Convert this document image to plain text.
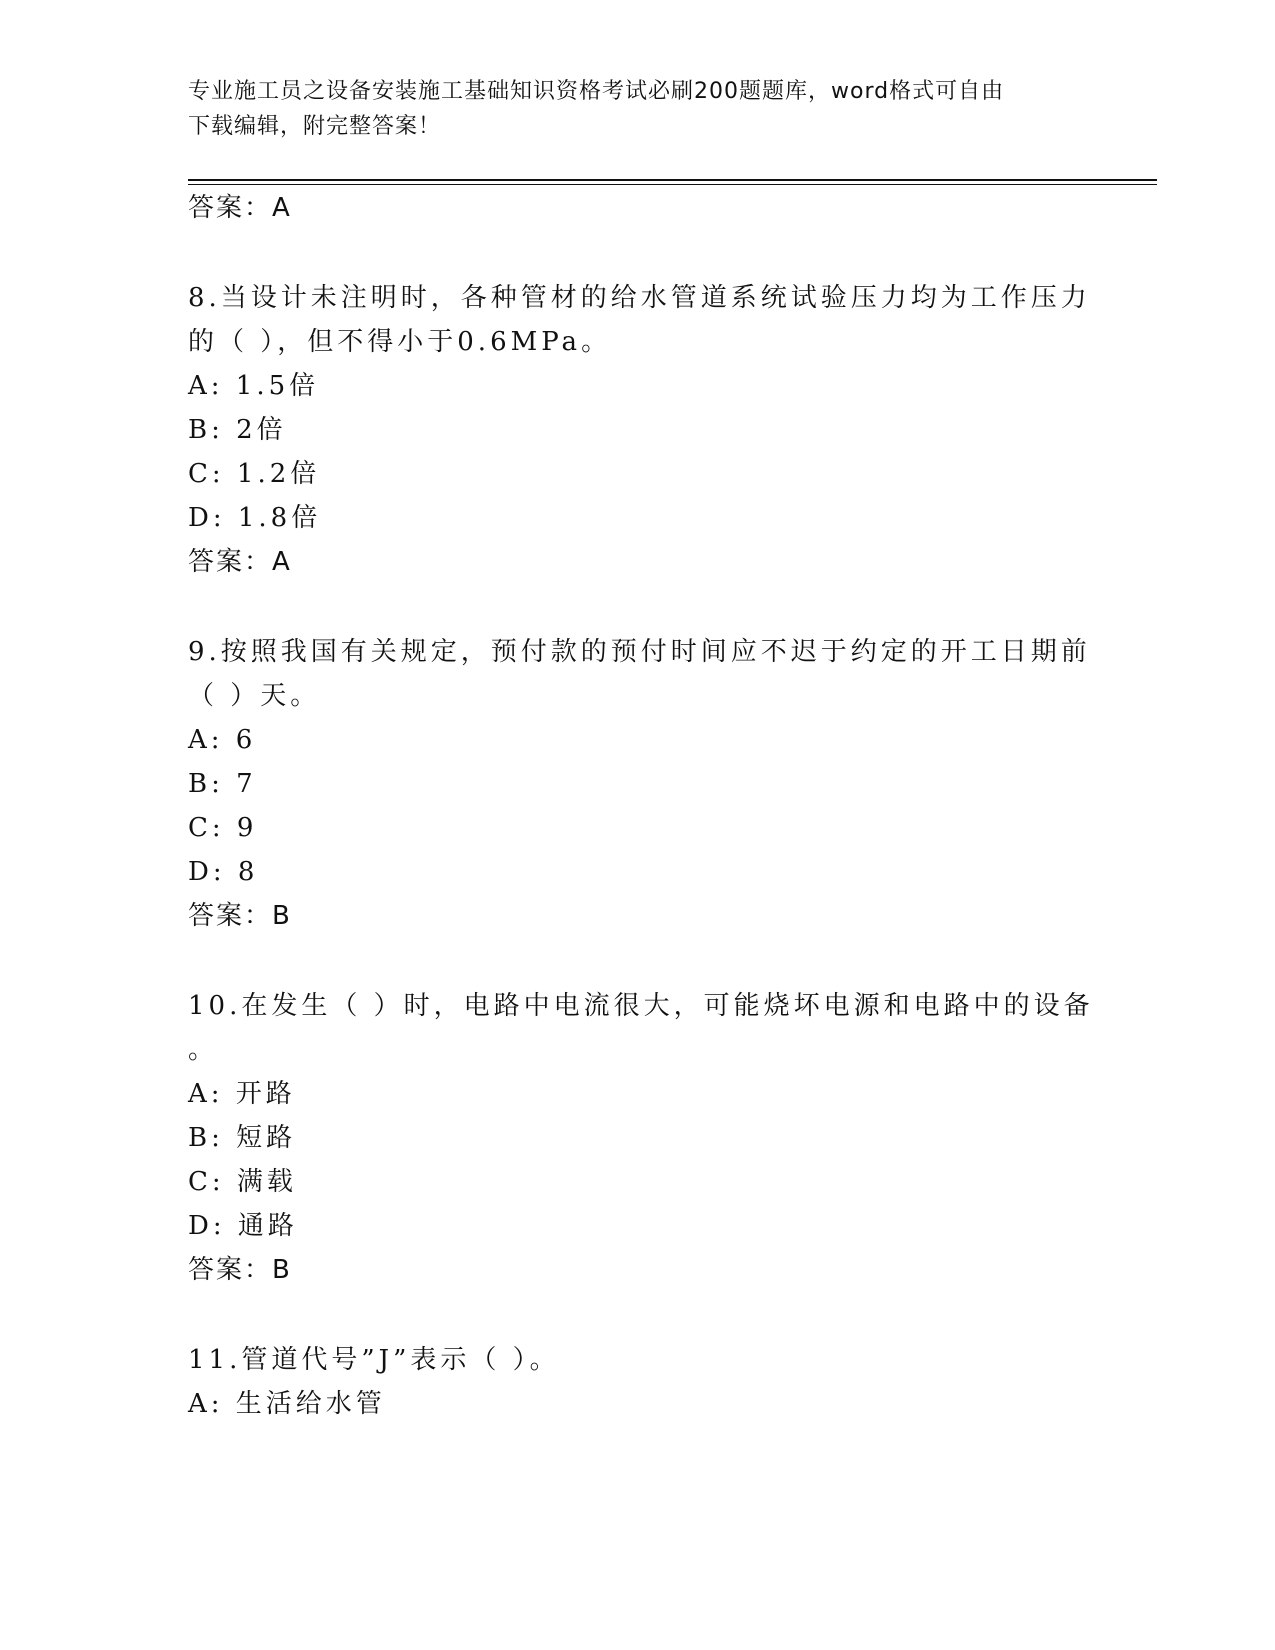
专业施工员之设备安装施工基础知识资格考试必刷200题题库，word格式可自由
下载编辑，附完整答案！
答案：A
8.当设计未注明时，各种管材的给水管道系统试验压力均为工作压力
的（ ），但不得小于0.6MPa。
A: 1.5倍
B: 2倍
C: 1.2倍
D: 1.8倍
答案：A
9.按照我国有关规定，预付款的预付时间应不迟于约定的开工日期前
（ ）天。
A: 6
B: 7
C: 9
D: 8
答案：B
10.在发生（ ）时，电路中电流很大，可能烧坏电源和电路中的设备
。
A: 开路
B: 短路
C: 满载
D: 通路
答案：B
11.管道代号”J”表示（ ）。
A: 生活给水管
